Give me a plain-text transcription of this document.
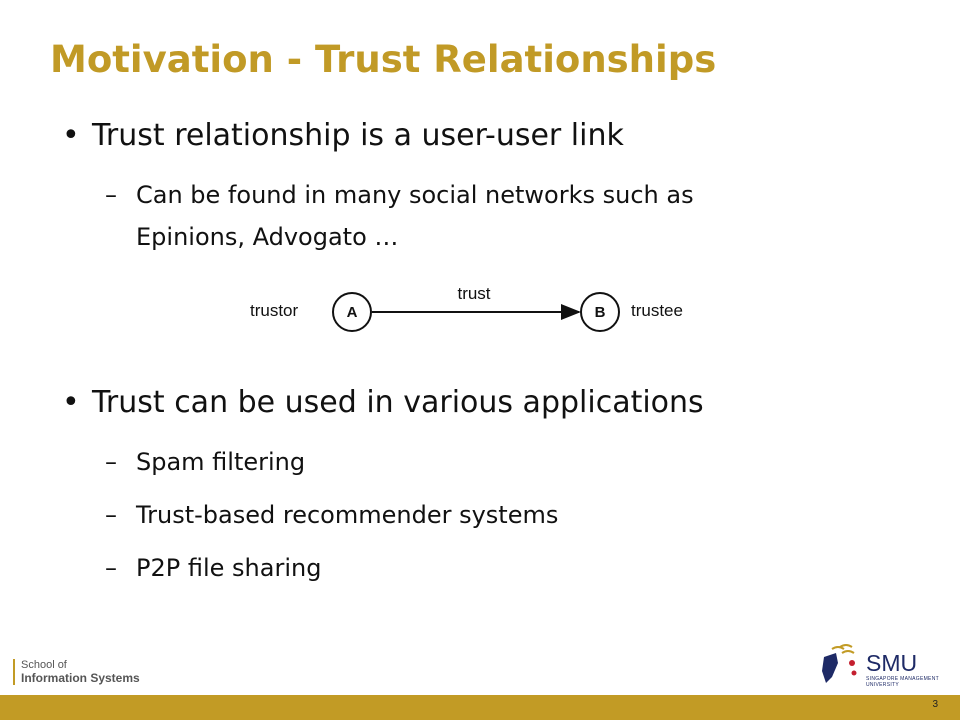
Motivation - Trust Relationships
• Trust relationship is a user-user link
– Can be found in many social networks such as
Epinions, Advogato …
A	B
trust
trustor	trustee
• Trust can be used in various applications
– Spam filtering
– Trust-based recommender systems
– P2P file sharing
School of
Information Systems
SMU
SINGAPORE MANAGEMENT
UNIVERSITY
3
